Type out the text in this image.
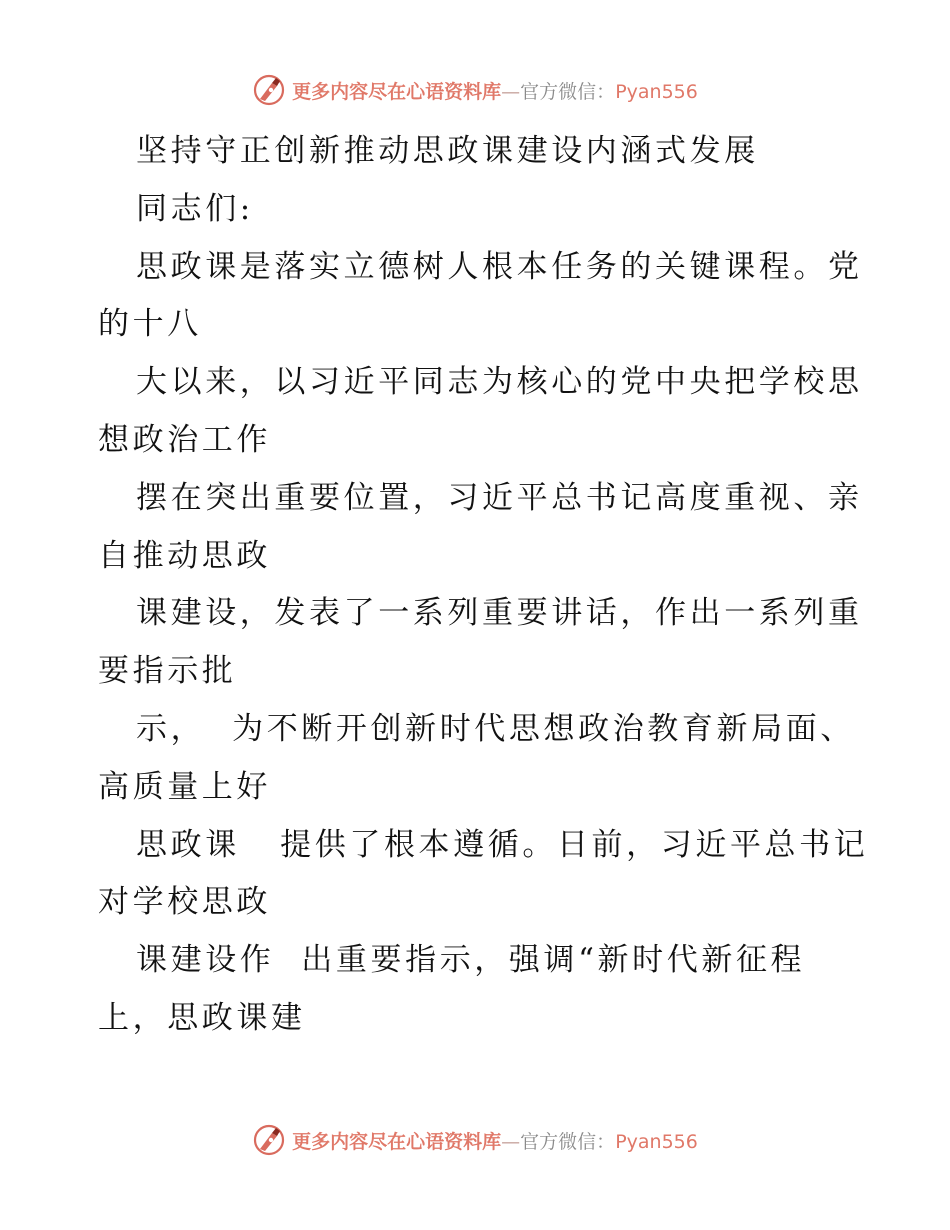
更多内容尽在心语资料库—官方微信：Pyan556
坚持守正创新推动思政课建设内涵式发展
同志们:
思政课是落实立德树人根本任务的关键课程。党
的十八
大以来，以习近平同志为核心的党中央把学校思
想政治工作
摆在突出重要位置，习近平总书记高度重视、亲
自推动思政
课建设，发表了一系列重要讲话，作出一系列重
要指示批
示，  为不断开创新时代思想政治教育新局面、
高质量上好
思政课   提供了根本遵循。日前，习近平总书记
对学校思政
课建设作  出重要指示，强调“新时代新征程
上，思政课建
更多内容尽在心语资料库—官方微信：Pyan556
